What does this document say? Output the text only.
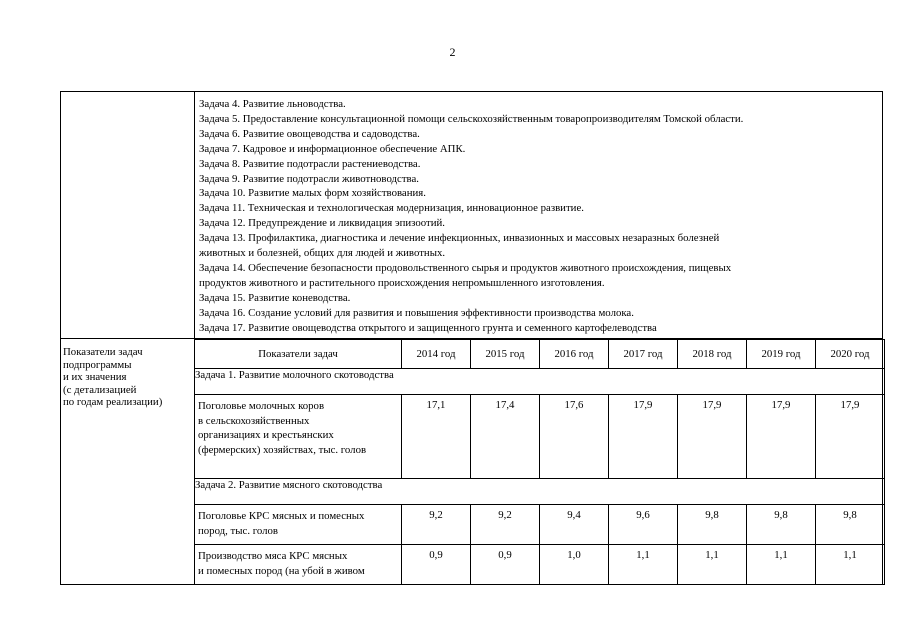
2
Задача 4. Развитие льноводства.
Задача 5. Предоставление консультационной помощи сельскохозяйственным товаропроизводителям Томской области.
Задача 6. Развитие овощеводства и садоводства.
Задача 7. Кадровое и информационное обеспечение АПК.
Задача 8. Развитие подотрасли растениеводства.
Задача 9. Развитие подотрасли животноводства.
Задача 10. Развитие малых форм хозяйствования.
Задача 11. Техническая и технологическая модернизация, инновационное развитие.
Задача 12. Предупреждение и ликвидация эпизоотий.
Задача 13. Профилактика, диагностика и лечение инфекционных, инвазионных и массовых незаразных болезней
животных и болезней, общих для людей и животных.
Задача 14. Обеспечение безопасности продовольственного сырья и продуктов животного происхождения, пищевых
продуктов животного и растительного происхождения непромышленного изготовления.
Задача 15. Развитие коневодства.
Задача 16. Создание условий для развития и повышения эффективности производства молока.
Задача 17. Развитие овощеводства открытого и защищенного грунта и семенного картофелеводства
Показатели задач
подпрограммы
и их значения
(с детализацией
по годам реализации)
Показатели задач	2014 год	2015 год	2016 год	2017 год	2018 год	2019 год	2020 год
Задача 1. Развитие молочного скотоводства							
Поголовье молочных коров
в сельскохозяйственных
организациях и крестьянских
(фермерских) хозяйствах, тыс. голов	17,1	17,4	17,6	17,9	17,9	17,9	17,9
Задача 2. Развитие мясного скотоводства							
Поголовье КРС мясных и помесных
пород, тыс. голов	9,2	9,2	9,4	9,6	9,8	9,8	9,8
Производство мяса КРС мясных
и помесных пород (на убой в живом	0,9	0,9	1,0	1,1	1,1	1,1	1,1
